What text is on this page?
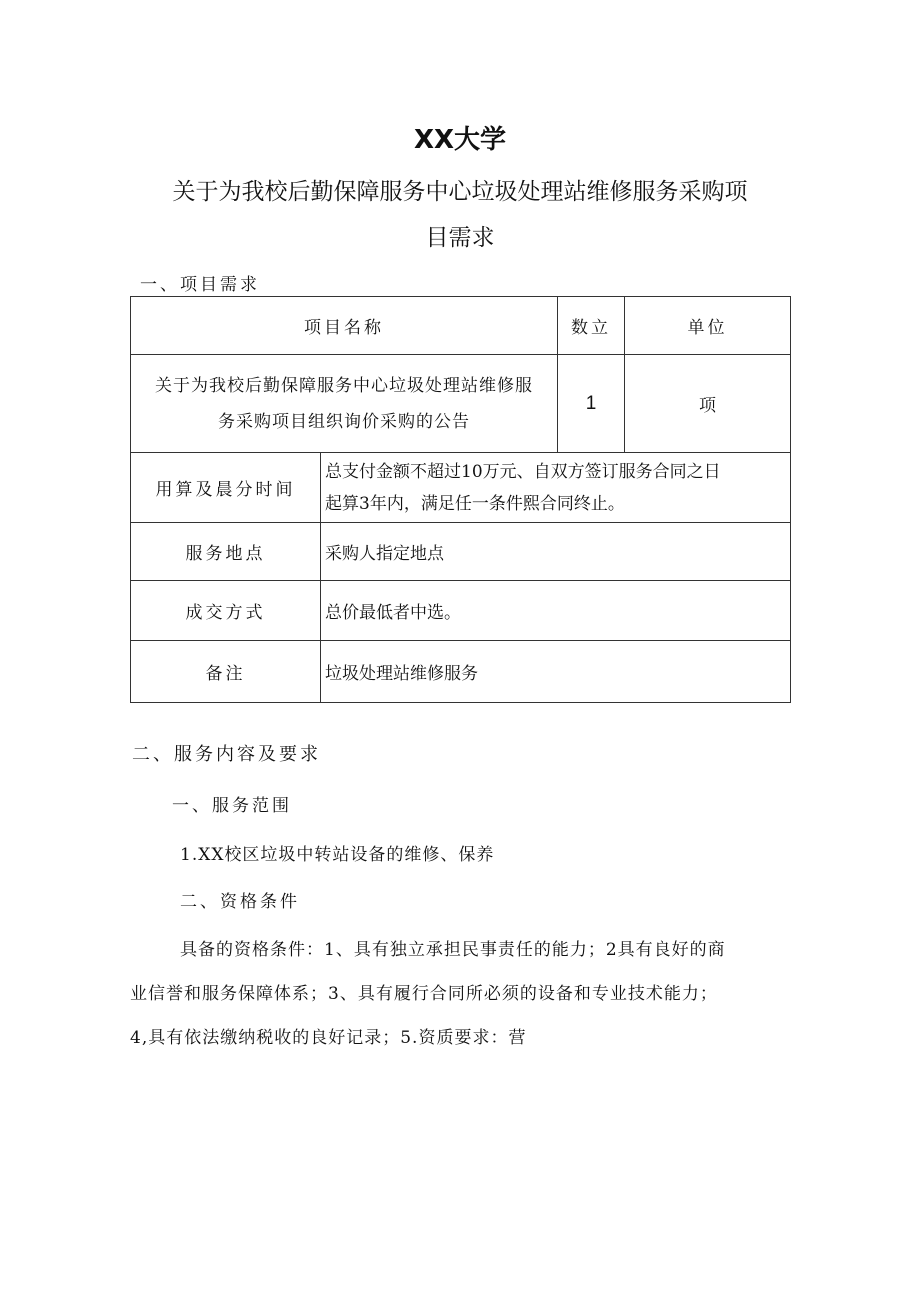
XX大学
关于为我校后勤保障服务中心垃圾处理站维修服务采购项
目需求
一、项目需求
项目名称		数立	单位

关于为我校后勤保障服务中心垃圾处理站维修服
务采购项目组织询价采购的公告		1	项
用算及晨分时间	总支付金额不超过10万元、自双方签订服务合同之日
起算3年内，满足任一条件熙合同终止。		

服务地点	采购人指定地点		
成交方式	总价最低者中选。		
备注	垃圾处理站维修服务		
二、服务内容及要求
一、服务范围
1.XX校区垃圾中转站设备的维修、保养
二、资格条件
具备的资格条件：1、具有独立承担民事责任的能力；2具有良好的商
业信誉和服务保障体系；3、具有履行合同所必须的设备和专业技术能力；
4,具有依法缴纳税收的良好记录；5.资质要求：营
